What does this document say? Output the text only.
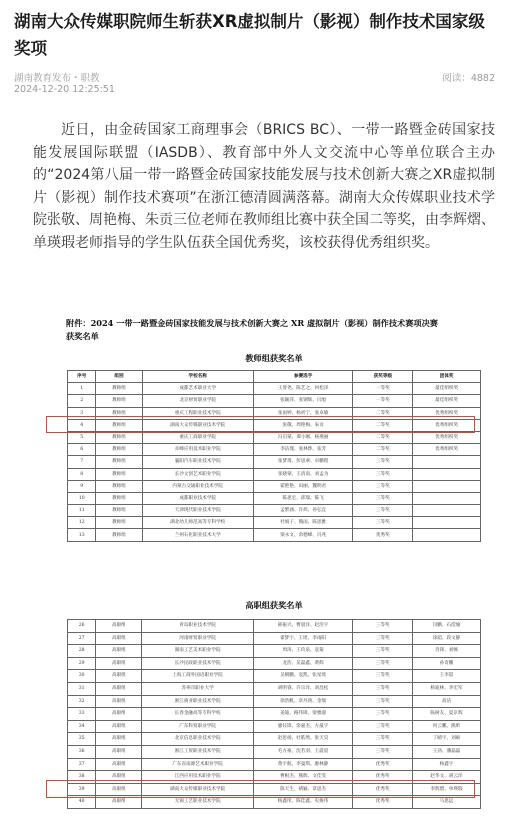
湖南大众传媒职院师生斩获XR虚拟制片（影视）制作技术国家级奖项
湖南教育发布・职教
2024-12-20 12:25:51
阅读：4882

近日，由金砖国家工商理事会（BRICS BC）、一带一路暨金砖国家技能发展国际联盟（IASDB）、教育部中外人文交流中心等单位联合主办的“2024第八届一带一路暨金砖国家技能发展与技术创新大赛之XR虚拟制片（影视）制作技术赛项”在浙江德清圆满落幕。湖南大众传媒职业技术学院张敬、周艳梅、朱贡三位老师在教师组比赛中获全国二等奖，由李辉熠、单瑛瑕老师指导的学生队伍获全国优秀奖，该校获得优秀组织奖。

附件：2024 一带一路暨金砖国家技能发展与技术创新大赛之 XR 虚拟制片（影视）制作技术赛项决赛
获奖名单
教师组获奖名单
序号	组别	学校名称	参赛选手	获奖等级	团体奖
1	教师组	成都艺术职业大学	王誉尧、陈艺之、何松泽	一等奖	最佳组织奖
2	教师组	北京财贸职业学院	张颖萍、张钢辉、闫旭	一等奖	最佳组织奖
3	教师组	重庆工程职业技术学院	张雨婷、杨祈宁、张卓敏	二等奖	优秀组织奖
4	教师组	湖南大众传媒职业技术学院	张敬、周艳梅、朱贡	二等奖	优秀组织奖
5	教师组	重庆工商职业学院	冯启蒙、谭小刚、杨燕丽	二等奖	优秀组织奖
6	教师组	赤峰应用技术职业学院	李洁瑾、张林烨、张芳	二等奖	优秀组织奖
7	教师组	襄阳汽车职业技术学院	张梦琦、彭思翠、卓鹏程	三等奖	
8	教师组	长沙文创艺术职业学院	张晓蒙、王清南、刘孟为	三等奖	
9	教师组	内蒙古交通职业技术学院	霍艳艳、田丽、魏明君	三等奖	
10	教师组	成都职业技术学院	陈思宏、邱瑞、陈飞	三等奖	
11	教师组	天津现代职业技术学院	孟繁涵、许炜、孙弘宜	三等奖	
12	教师组	湖北幼儿师范高等专科学校	杜娟子、熊雨、陈思雅	三等奖	
13	教师组	兰州石化职业技术大学	梁永文、余德峰、冯兆	优秀奖	
高职组获奖名单
26	高职组	青岛职业技术学院	韩振兴、曹晨洋、赵浩宇	三等奖	闫鹏、石滢瑜
27	高职组	河南财贸职业学院	翟梦宇、王瑶、李雨阳	三等奖	徐超、段文静
28	高职组	湖南工艺美术职业学院	周涛、王玖泉、袁菊	三等奖	肖锋、刘畅
29	高职组	长沙民政职业技术学院	龙浩、吴磊鑫、黄辉	三等奖	孙奇鹏
30	高职组	上海工商外国语职业学院	吴朝鹏、袁凯、张星琦	三等奖	王李喆
31	高职组	苏州市职业大学	胡明睿、许宗洋、刘昌松	三等奖	杨迪林、李宏军
32	高职组	浙江商业职业技术学院	徐浩帆、章丹鸿、金瑞	三等奖	高洁
33	高职组	长春金融高等专科学校	姜迪、路伟锋、梁雅淑	三等奖	陈树友、夏京辉
34	高职组	广东科贸职业学院	廖钰锋、余嘉杰、方晟宇	三等奖	何云鹏、熊昕
35	高职组	北京信息职业技术学院	赵思扬、杜皓然、张天昊	三等奖	丁晴宇、刘硕
36	高职组	浙江工贸职业技术学院	毛方豪、沈若羽、王震宸	三等奖	王劲、潘磊磊
37	高职组	广东省南源艺术职业学院	黄宇航、李曼琪、廖林静	优秀奖	杨鑫宇
38	高职组	江西应用技术职业学院	曹根杰、熊辉、文佳雯	优秀奖	赵华文、胡云洋
39	高职组	湖南大众传媒职业技术学院	陈天生、褚颖、章思杰	优秀奖	李辉熠、单瑛瑕
40	高职组	无锡工艺职业技术学院	杨鑫彤、陈佳鑫、史俊伟	优秀奖	马思远
